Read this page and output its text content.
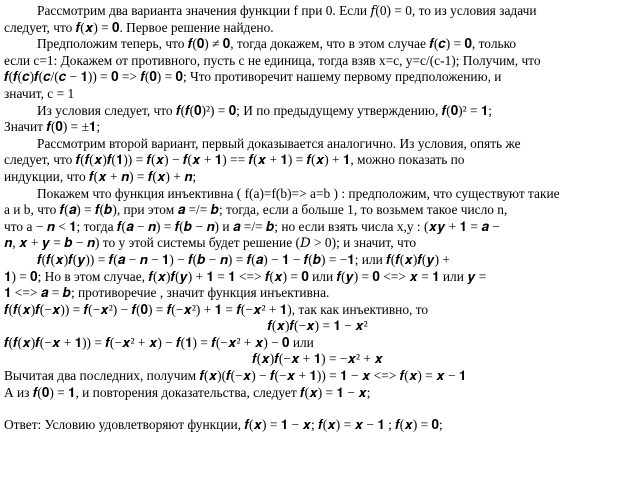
Рассмотрим два варианта значения функции f при 0. Если 𝑓(0) = 0, то из условия задачи
следует, что 𝒇(𝒙) = 𝟎. Первое решение найдено.
Предположим теперь, что 𝒇(𝟎) ≠ 𝟎, тогда докажем, что в этом случае 𝒇(𝒄) = 𝟎, только
если c=1: Докажем от противного, пусть c не единица, тогда взяв x=c, y=c/(c-1); Получим, что
𝒇(𝒇(𝒄)𝒇(𝒄/(𝒄 − 𝟏)) = 𝟎 => 𝒇(𝟎) = 𝟎; Что противоречит нашему первому предположению, и
значит, с = 1
Из условия следует, что 𝒇(𝒇(𝟎)²) = 𝟎; И по предыдущему утверждению, 𝒇(𝟎)² = 𝟏;
Значит 𝒇(𝟎) = ±𝟏;
Рассмотрим второй вариант, первый доказывается аналогично. Из условия, опять же
следует, что 𝒇(𝒇(𝒙)𝒇(𝟏)) = 𝒇(𝒙) − 𝒇(𝒙 + 𝟏) == 𝒇(𝒙 + 𝟏) = 𝒇(𝒙) + 𝟏, можно показать по
индукции, что 𝒇(𝒙 + 𝒏) = 𝒇(𝒙) + 𝒏;
Покажем что функция инъективна ( f(a)=f(b)=> a=b ) : предположим, что существуют такие
a и b, что 𝒇(𝒂) = 𝒇(𝒃), при этом 𝒂 =/= 𝒃; тогда, если a больше 1, то возьмем такое число n,
что a − 𝒏 < 𝟏; тогда 𝒇(𝒂 − 𝒏) = 𝒇(𝒃 − 𝒏) и 𝒂 =/= 𝒃; но если взять числа x,y : (𝒙𝒚 + 𝟏 = 𝒂 −
𝒏, 𝒙 + 𝒚 = 𝒃 − 𝒏) то у этой системы будет решение (𝐷 > 0); и значит, что
𝒇(𝒇(𝒙)𝒇(𝒚)) = 𝒇(𝒂 − 𝒏 − 𝟏) − 𝒇(𝒃 − 𝒏) = 𝒇(𝒂) − 𝟏 − 𝒇(𝒃) = −𝟏; или 𝒇(𝒇(𝒙)𝒇(𝒚) +
𝟏) = 𝟎; Но в этом случае, 𝒇(𝒙)𝒇(𝒚) + 𝟏 = 𝟏 <=> 𝒇(𝒙) = 𝟎 или 𝒇(𝒚) = 𝟎 <=> 𝒙 = 𝟏 или 𝒚 =
𝟏 <=> 𝒂 = 𝒃; противоречие , значит функция инъективна.
𝒇(𝒇(𝒙)𝒇(−𝒙)) = 𝒇(−𝒙²) − 𝒇(𝟎) = 𝒇(−𝒙²) + 𝟏 = 𝒇(−𝒙² + 𝟏), так как инъективно, то
𝒇(𝒙)𝒇(−𝒙) = 𝟏 − 𝒙²
𝒇(𝒇(𝒙)𝒇(−𝒙 + 𝟏)) = 𝒇(−𝒙² + 𝒙) − 𝒇(𝟏) = 𝒇(−𝒙² + 𝒙) − 𝟎 или
𝒇(𝒙)𝒇(−𝒙 + 𝟏) = −𝒙² + 𝒙
Вычитая два последних, получим 𝒇(𝒙)(𝒇(−𝒙) − 𝒇(−𝒙 + 𝟏)) = 𝟏 − 𝒙 <=> 𝒇(𝒙) = 𝒙 − 𝟏
А из 𝒇(𝟎) = 𝟏, и повторения доказательства, следует 𝒇(𝒙) = 𝟏 − 𝒙;
Ответ: Условию удовлетворяют функции, 𝒇(𝒙) = 𝟏 − 𝒙; 𝒇(𝒙) = 𝒙 − 𝟏 ; 𝒇(𝒙) = 𝟎;
